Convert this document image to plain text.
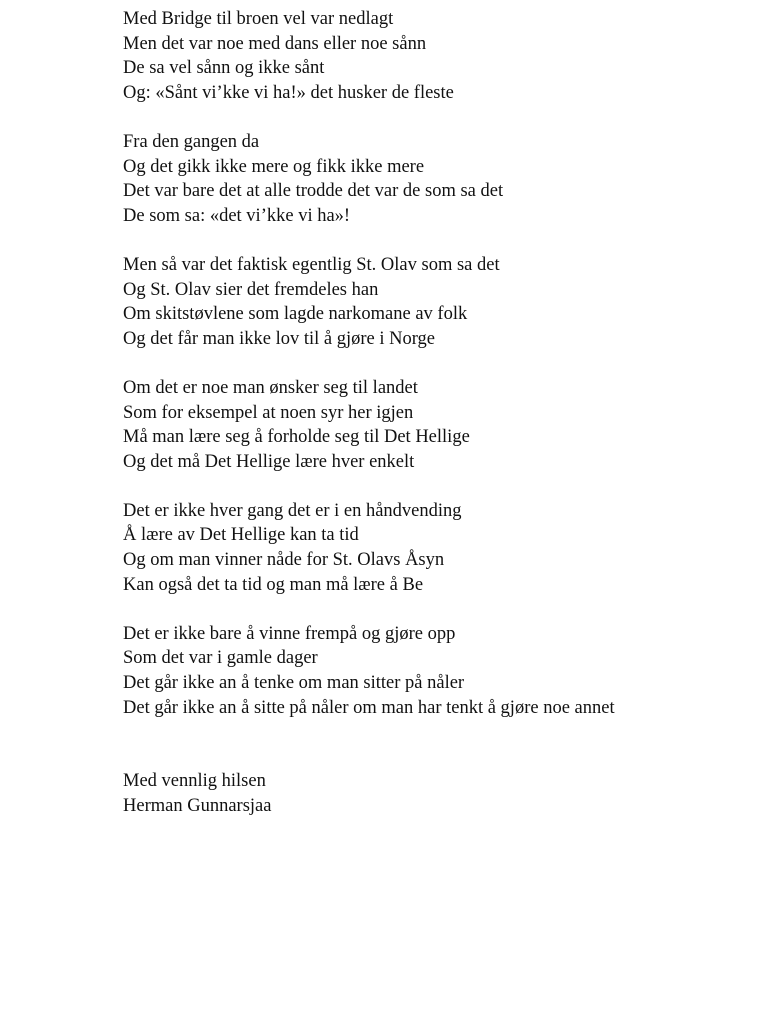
Med Bridge til broen vel var nedlagt
Men det var noe med dans eller noe sånn
De sa vel sånn og ikke sånt
Og: «Sånt vi’kke vi ha!» det husker de fleste
Fra den gangen da
Og det gikk ikke mere og fikk ikke mere
Det var bare det at alle trodde det var de som sa det
De som sa: «det vi’kke vi ha»!
Men så var det faktisk egentlig St. Olav som sa det
Og St. Olav sier det fremdeles han
Om skitstøvlene som lagde narkomane av folk
Og det får man ikke lov til å gjøre i Norge
Om det er noe man ønsker seg til landet
Som for eksempel at noen syr her igjen
Må man lære seg å forholde seg til Det Hellige
Og det må Det Hellige lære hver enkelt
Det er ikke hver gang det er i en håndvending
Å lære av Det Hellige kan ta tid
Og om man vinner nåde for St. Olavs Åsyn
Kan også det ta tid og man må lære å Be
Det er ikke bare å vinne frempå og gjøre opp
Som det var i gamle dager
Det går ikke an å tenke om man sitter på nåler
Det går ikke an å sitte på nåler om man har tenkt å gjøre noe annet
Med vennlig hilsen
Herman Gunnarsjaa
